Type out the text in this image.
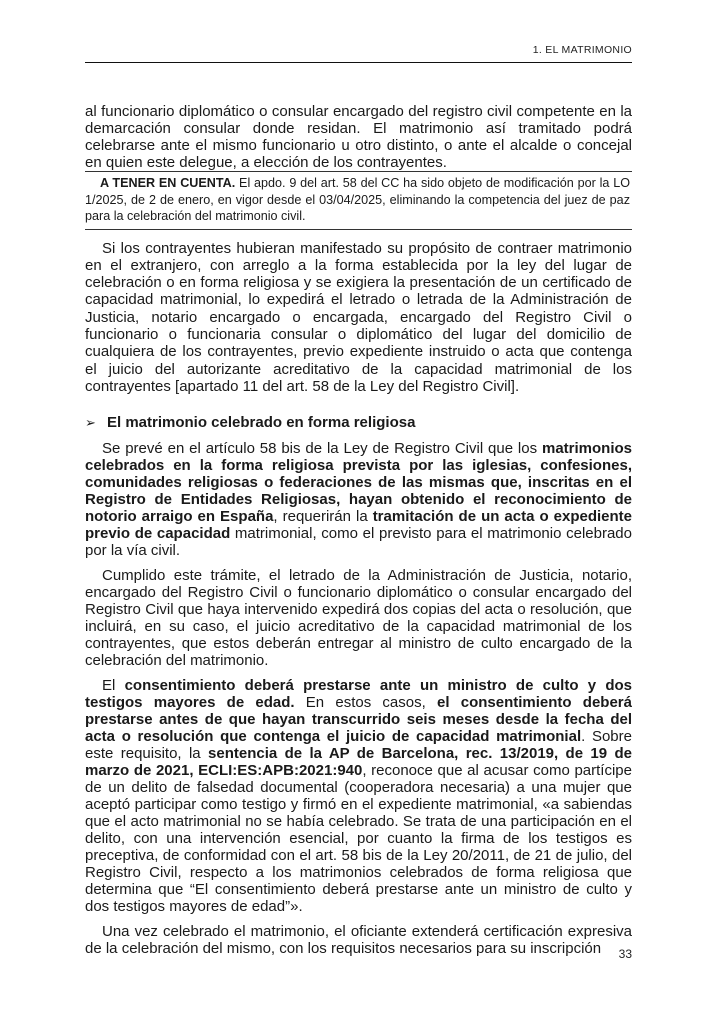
1. EL MATRIMONIO

al funcionario diplomático o consular encargado del registro civil competente en la demarcación consular donde residan. El matrimonio así tramitado podrá celebrarse ante el mismo funcionario u otro distinto, o ante el alcalde o concejal en quien este delegue, a elección de los contrayentes.

A TENER EN CUENTA. El apdo. 9 del art. 58 del CC ha sido objeto de modificación por la LO 1/2025, de 2 de enero, en vigor desde el 03/04/2025, eliminando la competencia del juez de paz para la celebración del matrimonio civil.

Si los contrayentes hubieran manifestado su propósito de contraer matrimonio en el extranjero, con arreglo a la forma establecida por la ley del lugar de celebración o en forma religiosa y se exigiera la presentación de un certificado de capacidad matrimonial, lo expedirá el letrado o letrada de la Administración de Justicia, notario encargado o encargada, encargado del Registro Civil o funcionario o funcionaria consular o diplomático del lugar del domicilio de cualquiera de los contrayentes, previo expediente instruido o acta que contenga el juicio del autorizante acreditativo de la capacidad matrimonial de los contrayentes [apartado 11 del art. 58 de la Ley del Registro Civil].

➢ El matrimonio celebrado en forma religiosa

Se prevé en el artículo 58 bis de la Ley de Registro Civil que los matrimonios celebrados en la forma religiosa prevista por las iglesias, confesiones, comunidades religiosas o federaciones de las mismas que, inscritas en el Registro de Entidades Religiosas, hayan obtenido el reconocimiento de notorio arraigo en España, requerirán la tramitación de un acta o expediente previo de capacidad matrimonial, como el previsto para el matrimonio celebrado por la vía civil.

Cumplido este trámite, el letrado de la Administración de Justicia, notario, encargado del Registro Civil o funcionario diplomático o consular encargado del Registro Civil que haya intervenido expedirá dos copias del acta o resolución, que incluirá, en su caso, el juicio acreditativo de la capacidad matrimonial de los contrayentes, que estos deberán entregar al ministro de culto encargado de la celebración del matrimonio.

El consentimiento deberá prestarse ante un ministro de culto y dos testigos mayores de edad. En estos casos, el consentimiento deberá prestarse antes de que hayan transcurrido seis meses desde la fecha del acta o resolución que contenga el juicio de capacidad matrimonial. Sobre este requisito, la sentencia de la AP de Barcelona, rec. 13/2019, de 19 de marzo de 2021, ECLI:ES:APB:2021:940, reconoce que al acusar como partícipe de un delito de falsedad documental (cooperadora necesaria) a una mujer que aceptó participar como testigo y firmó en el expediente matrimonial, «a sabiendas que el acto matrimonial no se había celebrado. Se trata de una participación en el delito, con una intervención esencial, por cuanto la firma de los testigos es preceptiva, de conformidad con el art. 58 bis de la Ley 20/2011, de 21 de julio, del Registro Civil, respecto a los matrimonios celebrados de forma religiosa que determina que “El consentimiento deberá prestarse ante un ministro de culto y dos testigos mayores de edad”».

Una vez celebrado el matrimonio, el oficiante extenderá certificación expresiva de la celebración del mismo, con los requisitos necesarios para su inscripción	33
